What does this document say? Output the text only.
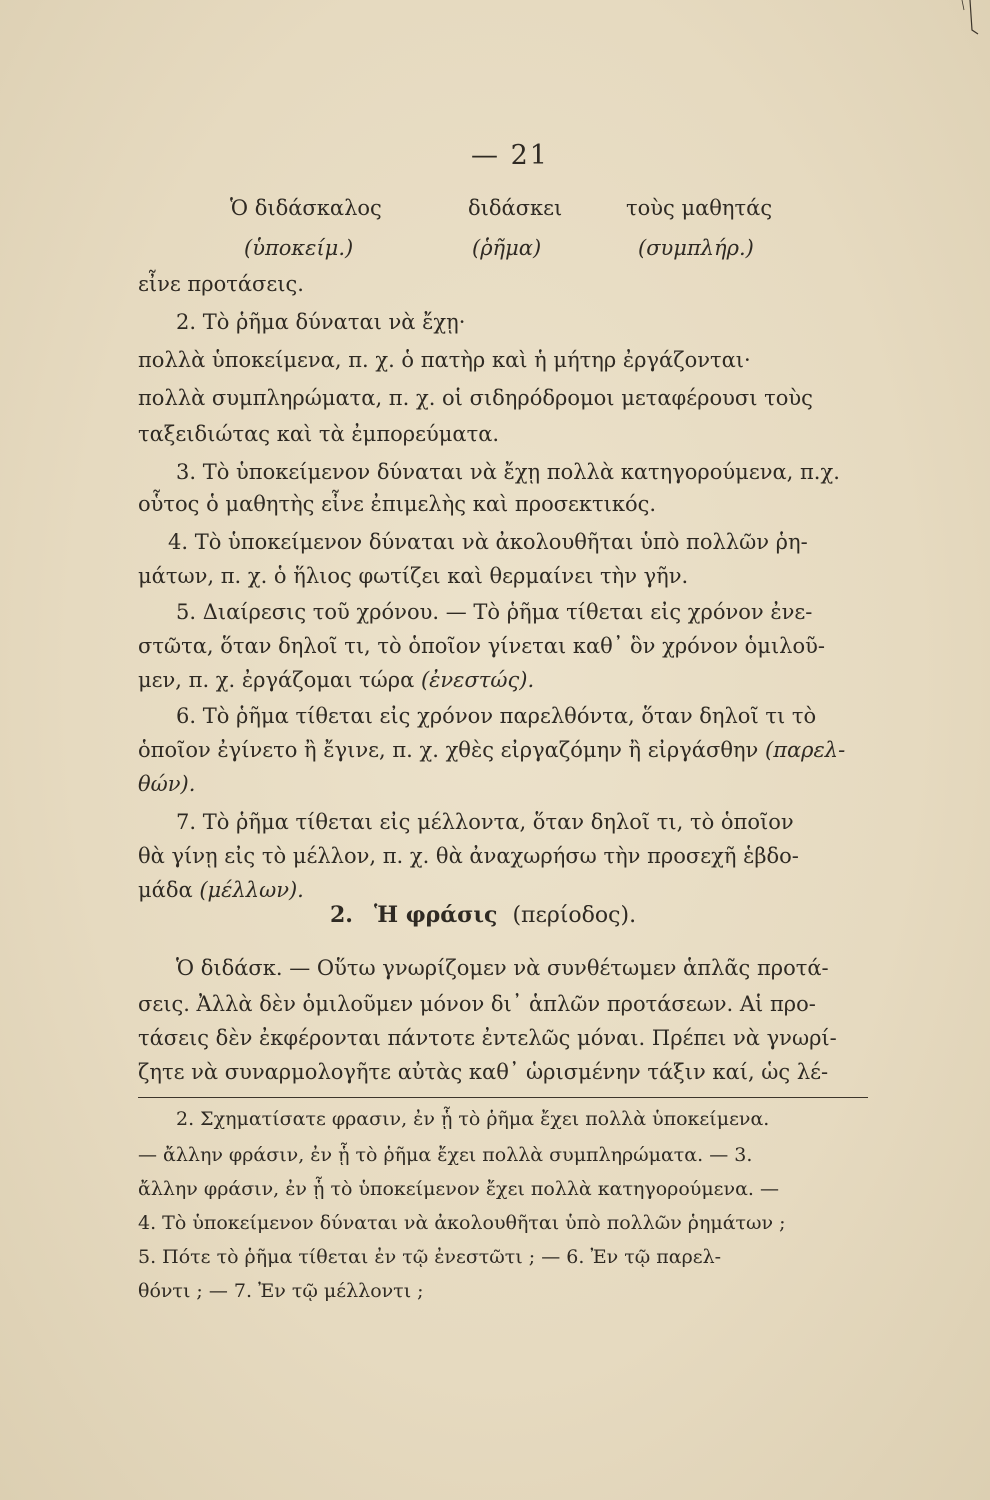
— 21
Ὁ διδάσκαλος	διδάσκει	τοὺς μαθητάς
(ὑποκείμ.)	(ῥῆμα)	(συμπλήρ.)
εἶνε προτάσεις.
2. Τὸ ῥῆμα δύναται νὰ ἔχῃ·
πολλὰ ὑποκείμενα, π. χ. ὁ πατὴρ καὶ ἡ μήτηρ ἐργάζονται·
πολλὰ συμπληρώματα, π. χ. οἱ σιδηρόδρομοι μεταφέρουσι τοὺς
ταξειδιώτας καὶ τὰ ἐμπορεύματα.
3. Τὸ ὑποκείμενον δύναται νὰ ἔχῃ πολλὰ κατηγορούμενα, π.χ.
οὗτος ὁ μαθητὴς εἶνε ἐπιμελὴς καὶ προσεκτικός.
4. Τὸ ὑποκείμενον δύναται νὰ ἀκολουθῆται ὑπὸ πολλῶν ῥη-
μάτων, π. χ. ὁ ἥλιος φωτίζει καὶ θερμαίνει τὴν γῆν.
5. Διαίρεσις τοῦ χρόνου. — Τὸ ῥῆμα τίθεται εἰς χρόνον ἐνε-
στῶτα, ὅταν δηλοῖ τι, τὸ ὁποῖον γίνεται καθ᾽ ὃν χρόνον ὁμιλοῦ-
μεν, π. χ. ἐργάζομαι τώρα (ἐνεστώς).
6. Τὸ ῥῆμα τίθεται εἰς χρόνον παρελθόντα, ὅταν δηλοῖ τι τὸ
ὁποῖον ἐγίνετο ἢ ἔγινε, π. χ. χθὲς εἰργαζόμην ἢ εἰργάσθην (παρελ-
θών).
7. Τὸ ῥῆμα τίθεται εἰς μέλλοντα, ὅταν δηλοῖ τι, τὸ ὁποῖον
θὰ γίνῃ εἰς τὸ μέλλον, π. χ. θὰ ἀναχωρήσω τὴν προσεχῆ ἑβδο-
μάδα (μέλλων).
2. Ἡ φράσις (περίοδος).
Ὁ διδάσκ. — Οὕτω γνωρίζομεν νὰ συνθέτωμεν ἁπλᾶς προτά-
σεις. Ἀλλὰ δὲν ὁμιλοῦμεν μόνον δι᾽ ἁπλῶν προτάσεων. Αἱ προ-
τάσεις δὲν ἐκφέρονται πάντοτε ἐντελῶς μόναι. Πρέπει νὰ γνωρί-
ζητε νὰ συναρμολογῆτε αὐτὰς καθ᾽ ὡρισμένην τάξιν καί, ὡς λέ-
2. Σχηματίσατε φρασιν, ἐν ᾗ τὸ ῥῆμα ἔχει πολλὰ ὑποκείμενα.
— ἄλλην φράσιν, ἐν ᾗ τὸ ῥῆμα ἔχει πολλὰ συμπληρώματα. — 3.
ἄλλην φράσιν, ἐν ᾗ τὸ ὑποκείμενον ἔχει πολλὰ κατηγορούμενα. —
4. Τὸ ὑποκείμενον δύναται νὰ ἀκολουθῆται ὑπὸ πολλῶν ῥημάτων ;
5. Πότε τὸ ῥῆμα τίθεται ἐν τῷ ἐνεστῶτι ; — 6. Ἐν τῷ παρελ-
θόντι ; — 7. Ἐν τῷ μέλλοντι ;
